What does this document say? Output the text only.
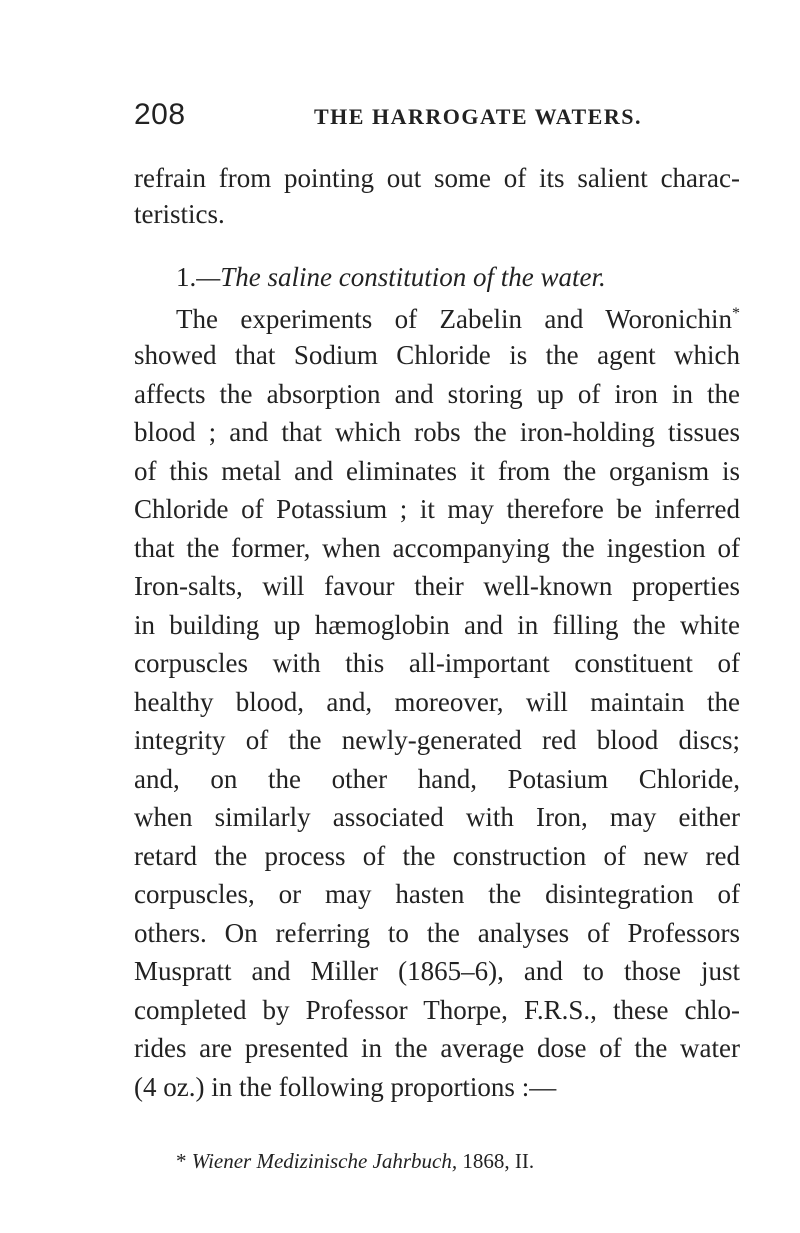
208	THE HARROGATE WATERS.
refrain from pointing out some of its salient charac-
teristics.
1.—The saline constitution of the water.
The experiments of Zabelin and Woronichin*
showed that Sodium Chloride is the agent which
affects the absorption and storing up of iron in the
blood ; and that which robs the iron-holding tissues
of this metal and eliminates it from the organism is
Chloride of Potassium ; it may therefore be inferred
that the former, when accompanying the ingestion of
Iron-salts, will favour their well-known properties
in building up hæmoglobin and in filling the white
corpuscles with this all-important constituent of
healthy blood, and, moreover, will maintain the
integrity of the newly-generated red blood discs;
and, on the other hand, Potasium Chloride,
when similarly associated with Iron, may either
retard the process of the construction of new red
corpuscles, or may hasten the disintegration of
others. On referring to the analyses of Professors
Muspratt and Miller (1865–6), and to those just
completed by Professor Thorpe, F.R.S., these chlo-
rides are presented in the average dose of the water
(4 oz.) in the following proportions :—
* Wiener Medizinische Jahrbuch, 1868, II.
